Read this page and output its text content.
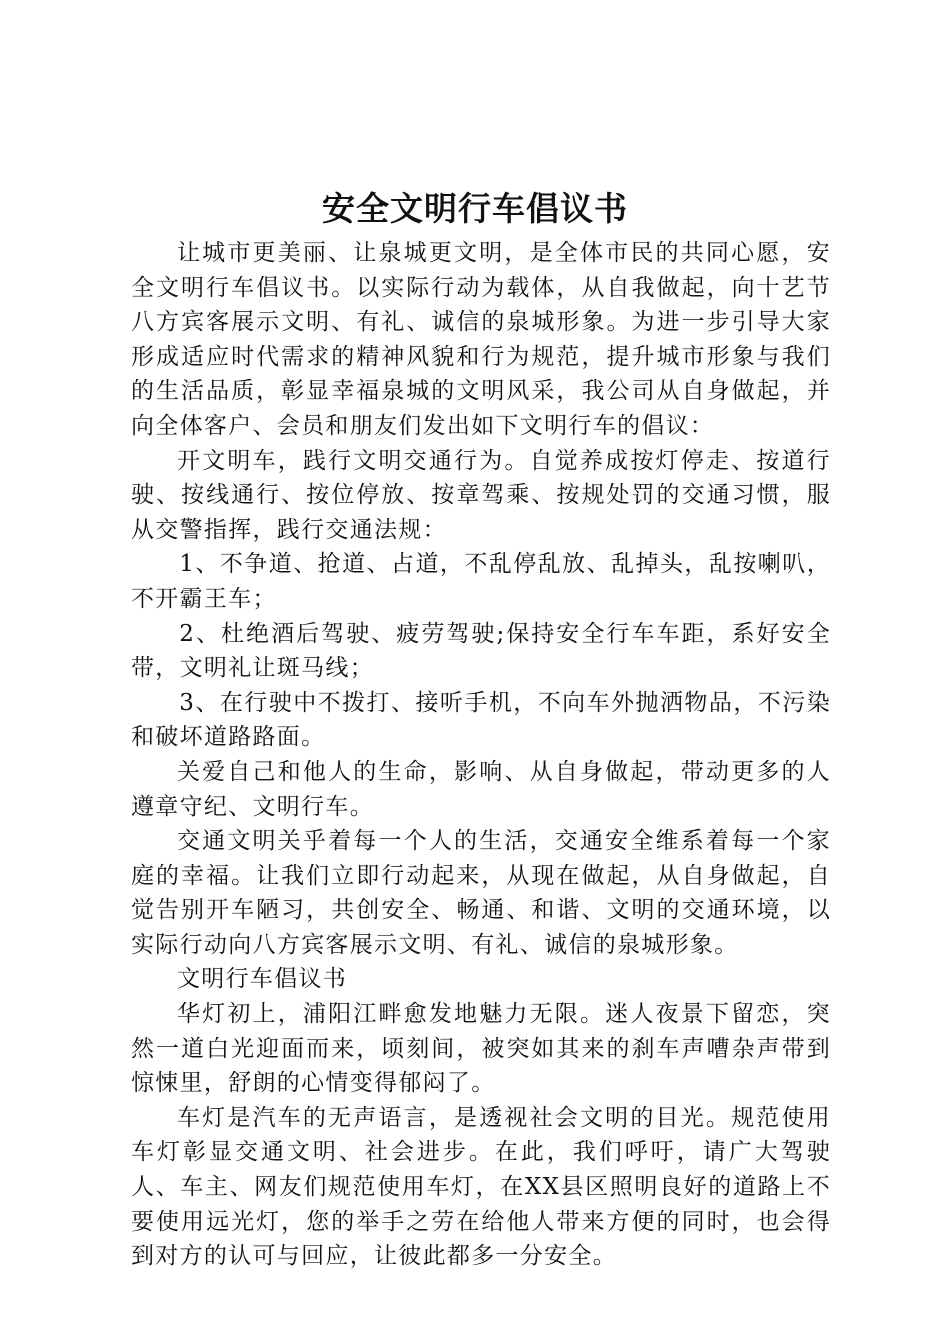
安全文明行车倡议书

让城市更美丽、让泉城更文明，是全体市民的共同心愿，安全文明行车倡议书。以实际行动为载体，从自我做起，向十艺节八方宾客展示文明、有礼、诚信的泉城形象。为进一步引导大家形成适应时代需求的精神风貌和行为规范，提升城市形象与我们的生活品质，彰显幸福泉城的文明风采，我公司从自身做起，并向全体客户、会员和朋友们发出如下文明行车的倡议：

开文明车，践行文明交通行为。自觉养成按灯停走、按道行驶、按线通行、按位停放、按章驾乘、按规处罚的交通习惯，服从交警指挥，践行交通法规：

1、不争道、抢道、占道，不乱停乱放、乱掉头，乱按喇叭，不开霸王车；

2、杜绝酒后驾驶、疲劳驾驶;保持安全行车车距，系好安全带，文明礼让斑马线；

3、在行驶中不拨打、接听手机，不向车外抛洒物品，不污染和破坏道路路面。

关爱自己和他人的生命，影响、从自身做起，带动更多的人遵章守纪、文明行车。

交通文明关乎着每一个人的生活，交通安全维系着每一个家庭的幸福。让我们立即行动起来，从现在做起，从自身做起，自觉告别开车陋习，共创安全、畅通、和谐、文明的交通环境，以实际行动向八方宾客展示文明、有礼、诚信的泉城形象。

文明行车倡议书

华灯初上，浦阳江畔愈发地魅力无限。迷人夜景下留恋，突然一道白光迎面而来，顷刻间，被突如其来的刹车声嘈杂声带到惊悚里，舒朗的心情变得郁闷了。

车灯是汽车的无声语言，是透视社会文明的目光。规范使用车灯彰显交通文明、社会进步。在此，我们呼吁，请广大驾驶人、车主、网友们规范使用车灯，在XX县区照明良好的道路上不要使用远光灯，您的举手之劳在给他人带来方便的同时，也会得到对方的认可与回应，让彼此都多一分安全。
